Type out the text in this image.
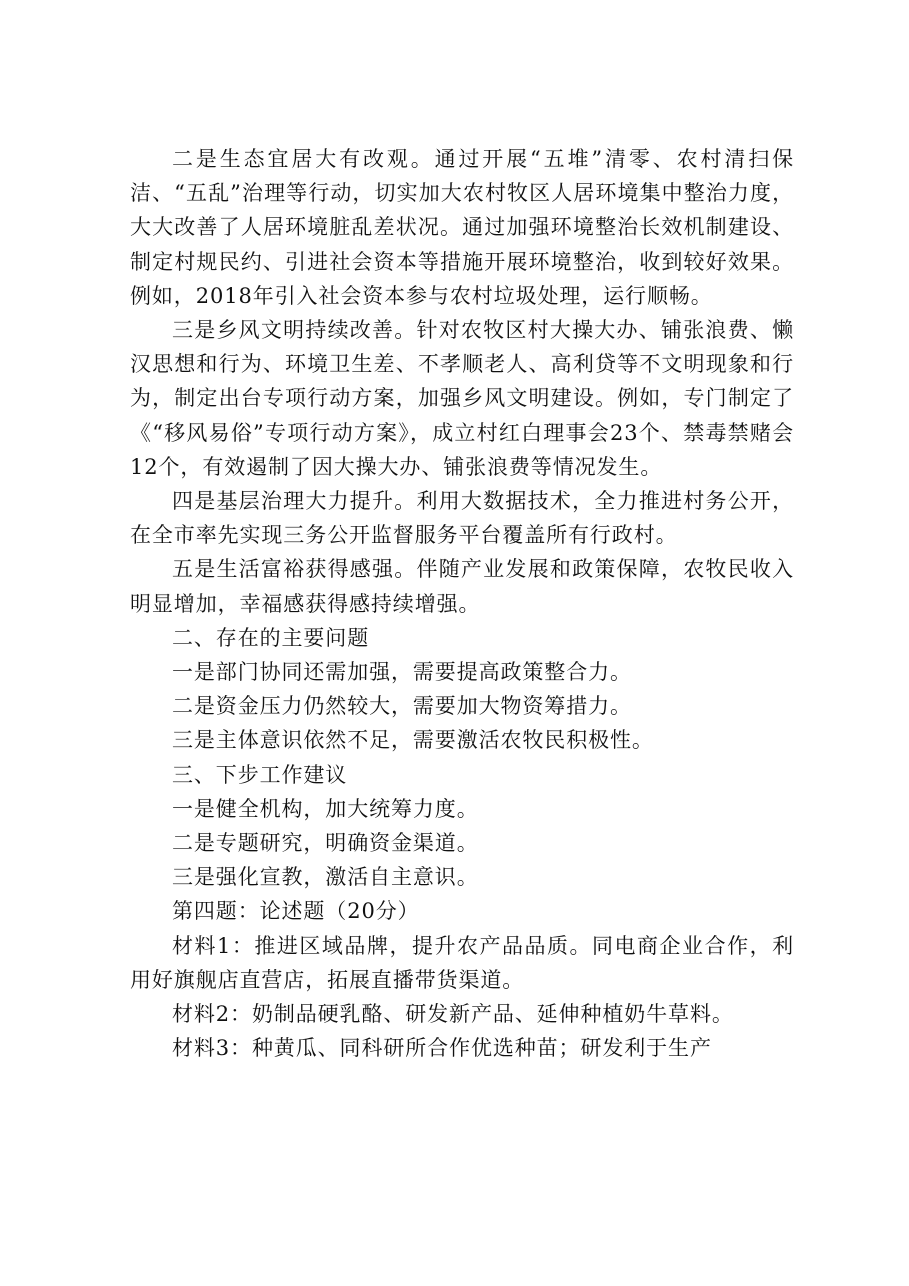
二是生态宜居大有改观。通过开展“五堆”清零、农村清扫保洁、“五乱”治理等行动，切实加大农村牧区人居环境集中整治力度，大大改善了人居环境脏乱差状况。通过加强环境整治长效机制建设、制定村规民约、引进社会资本等措施开展环境整治，收到较好效果。例如，2018年引入社会资本参与农村垃圾处理，运行顺畅。

三是乡风文明持续改善。针对农牧区村大操大办、铺张浪费、懒汉思想和行为、环境卫生差、不孝顺老人、高利贷等不文明现象和行为，制定出台专项行动方案，加强乡风文明建设。例如，专门制定了《“移风易俗”专项行动方案》，成立村红白理事会23个、禁毒禁赌会12个，有效遏制了因大操大办、铺张浪费等情况发生。

四是基层治理大力提升。利用大数据技术，全力推进村务公开，在全市率先实现三务公开监督服务平台覆盖所有行政村。

五是生活富裕获得感强。伴随产业发展和政策保障，农牧民收入明显增加，幸福感获得感持续增强。

二、存在的主要问题

一是部门协同还需加强，需要提高政策整合力。

二是资金压力仍然较大，需要加大物资筹措力。

三是主体意识依然不足，需要激活农牧民积极性。

三、下步工作建议

一是健全机构，加大统筹力度。

二是专题研究，明确资金渠道。

三是强化宣教，激活自主意识。

第四题：论述题（20分）

材料1：推进区域品牌，提升农产品品质。同电商企业合作，利用好旗舰店直营店，拓展直播带货渠道。

材料2：奶制品硬乳酪、研发新产品、延伸种植奶牛草料。

材料3：种黄瓜、同科研所合作优选种苗；研发利于生产
